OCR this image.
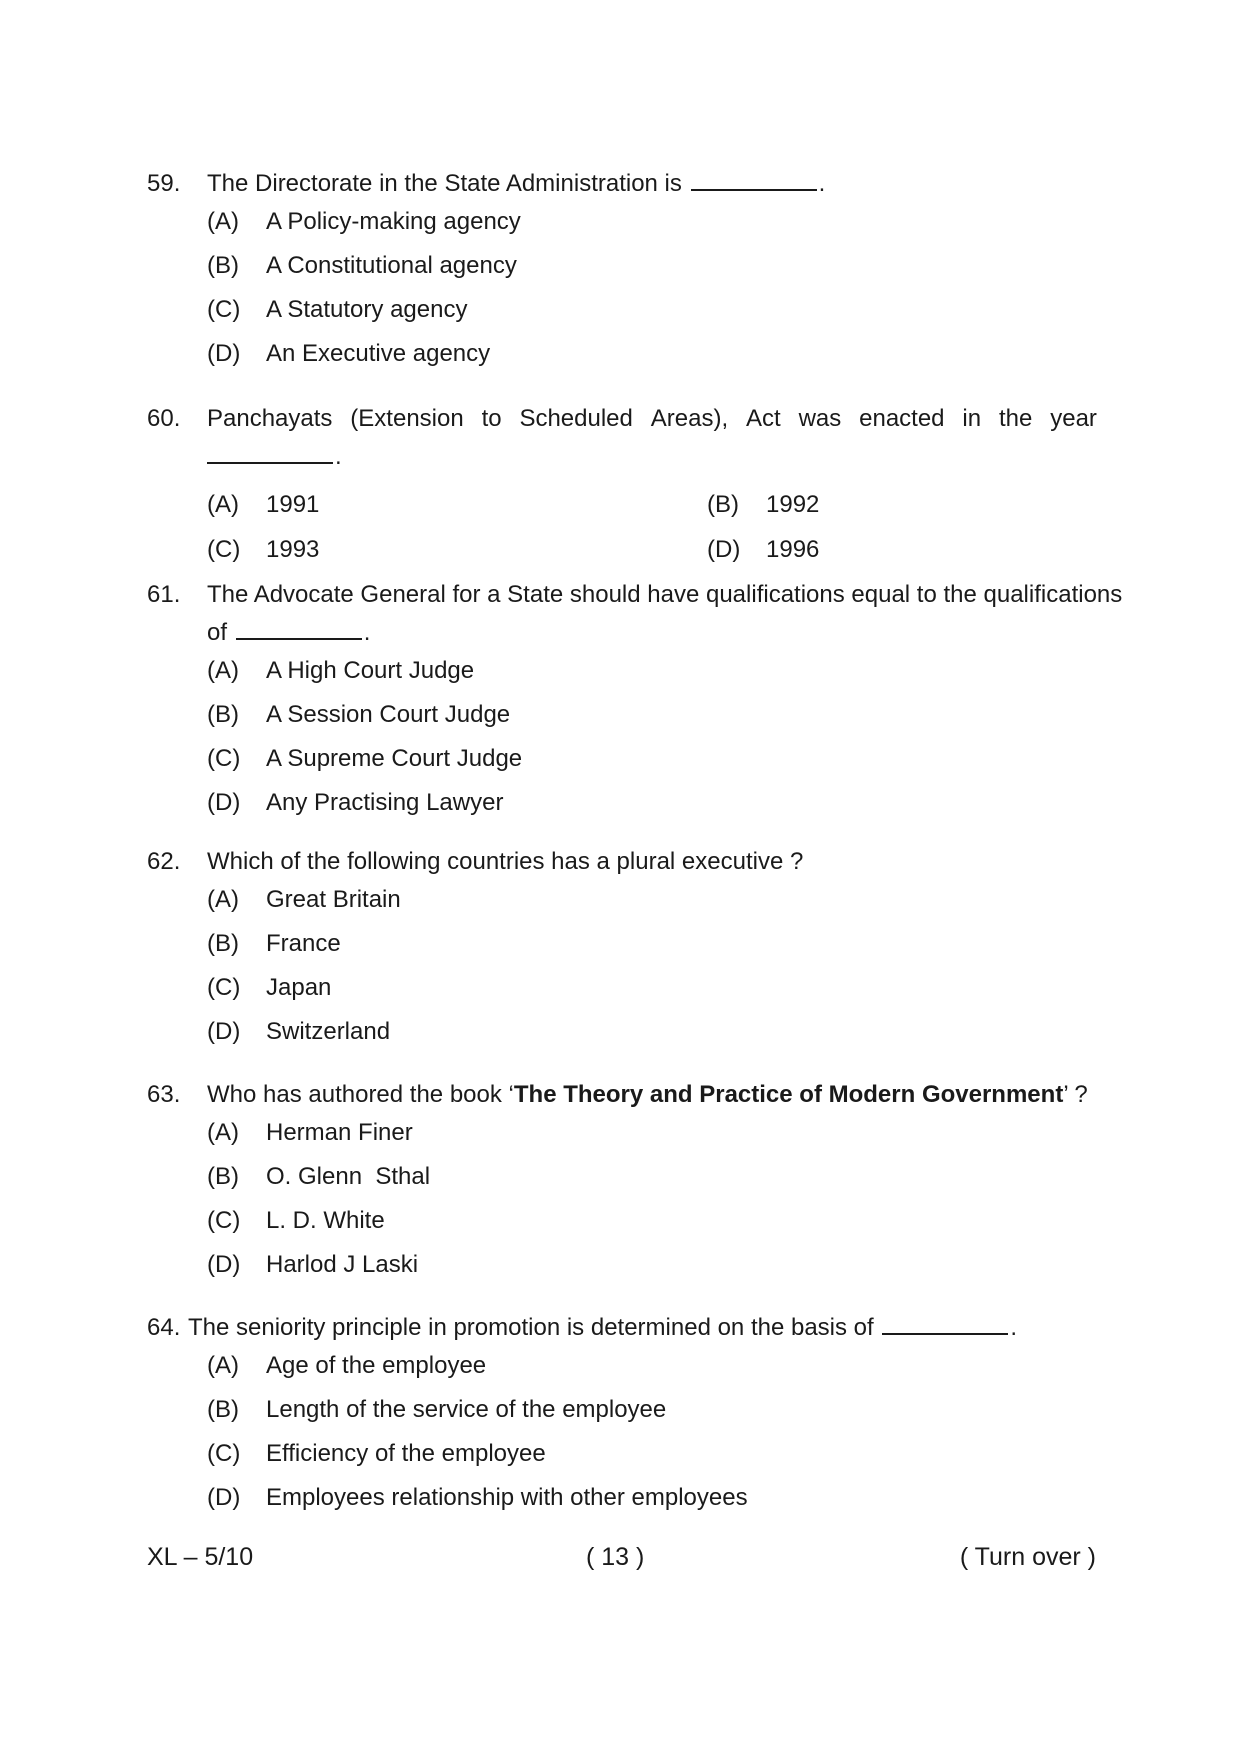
59. The Directorate in the State Administration is	.
(A) A Policy-making agency
(B) A Constitutional agency
(C) A Statutory agency
(D) An Executive agency
60. Panchayats (Extension to Scheduled Areas), Act was enacted in the year
.
(A) 1991	(B) 1992
(C) 1993	(D) 1996
61. The Advocate General for a State should have qualifications equal to the qualifications
of	.
(A) A High Court Judge
(B) A Session Court Judge
(C) A Supreme Court Judge
(D) Any Practising Lawyer
62. Which of the following countries has a plural executive ?
(A) Great Britain
(B) France
(C) Japan
(D) Switzerland
63. Who has authored the book ‘The Theory and Practice of Modern Government’ ?
(A) Herman Finer
(B) O. Glenn  Sthal
(C) L. D. White
(D) Harlod J Laski
64. The seniority principle in promotion is determined on the basis of	.
(A) Age of the employee
(B) Length of the service of the employee
(C) Efficiency of the employee
(D) Employees relationship with other employees
XL – 5/10	( 13 )	( Turn over )
